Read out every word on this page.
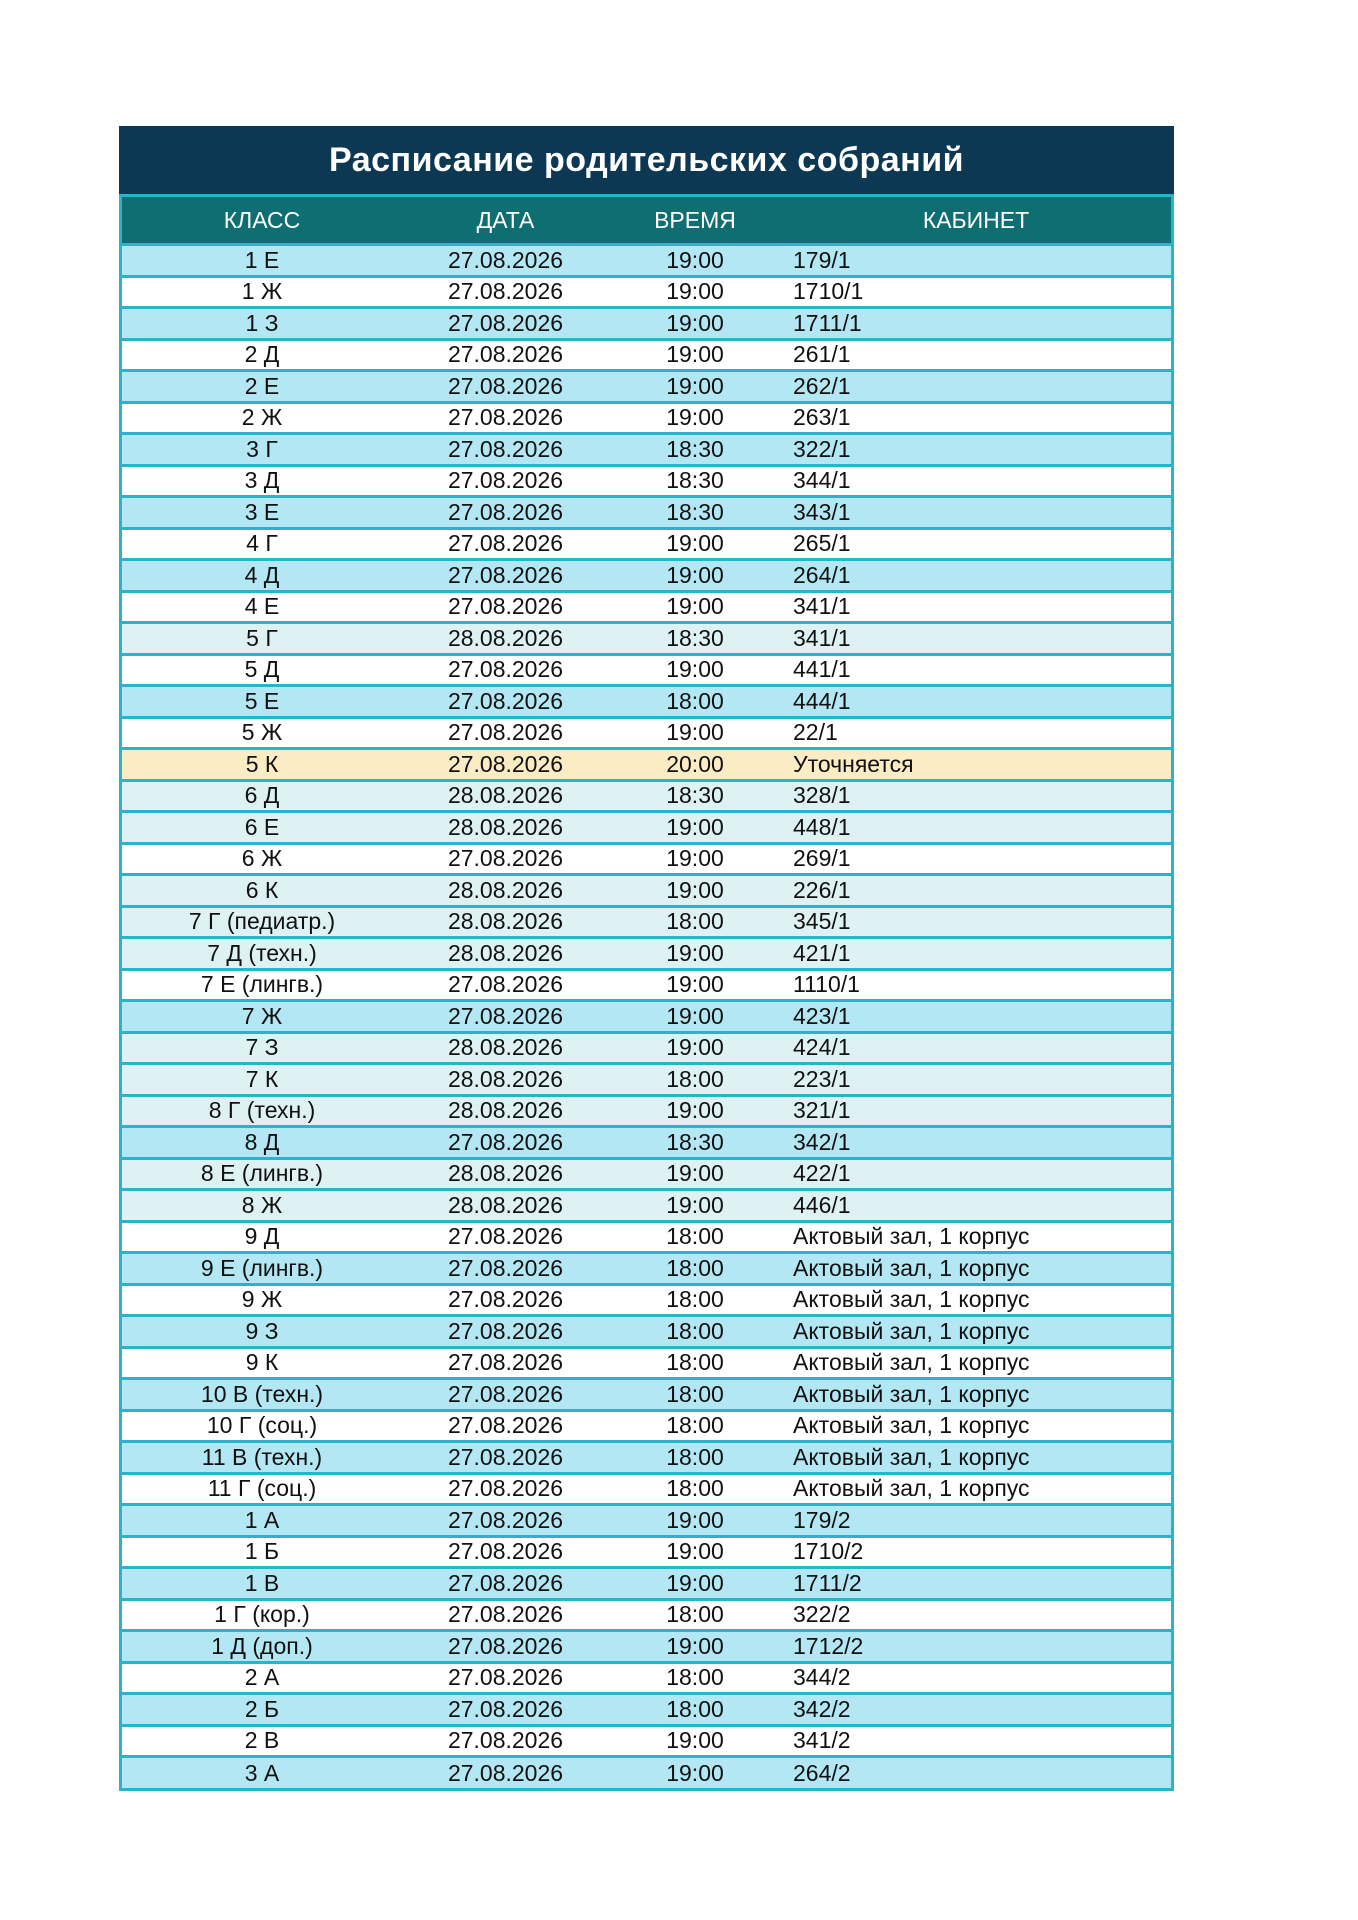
Расписание родительских собраний
КЛАСС	ДАТА	ВРЕМЯ	КАБИНЕТ
1 Е	27.08.2026	19:00	179/1
1 Ж	27.08.2026	19:00	1710/1
1 З	27.08.2026	19:00	1711/1
2 Д	27.08.2026	19:00	261/1
2 Е	27.08.2026	19:00	262/1
2 Ж	27.08.2026	19:00	263/1
3 Г	27.08.2026	18:30	322/1
3 Д	27.08.2026	18:30	344/1
3 Е	27.08.2026	18:30	343/1
4 Г	27.08.2026	19:00	265/1
4 Д	27.08.2026	19:00	264/1
4 Е	27.08.2026	19:00	341/1
5 Г	28.08.2026	18:30	341/1
5 Д	27.08.2026	19:00	441/1
5 Е	27.08.2026	18:00	444/1
5 Ж	27.08.2026	19:00	22/1
5 К	27.08.2026	20:00	Уточняется
6 Д	28.08.2026	18:30	328/1
6 Е	28.08.2026	19:00	448/1
6 Ж	27.08.2026	19:00	269/1
6 К	28.08.2026	19:00	226/1
7 Г (педиатр.)	28.08.2026	18:00	345/1
7 Д (техн.)	28.08.2026	19:00	421/1
7 Е (лингв.)	27.08.2026	19:00	1110/1
7 Ж	27.08.2026	19:00	423/1
7 З	28.08.2026	19:00	424/1
7 К	28.08.2026	18:00	223/1
8 Г (техн.)	28.08.2026	19:00	321/1
8 Д	27.08.2026	18:30	342/1
8 Е (лингв.)	28.08.2026	19:00	422/1
8 Ж	28.08.2026	19:00	446/1
9 Д	27.08.2026	18:00	Актовый зал, 1 корпус
9 Е (лингв.)	27.08.2026	18:00	Актовый зал, 1 корпус
9 Ж	27.08.2026	18:00	Актовый зал, 1 корпус
9 З	27.08.2026	18:00	Актовый зал, 1 корпус
9 К	27.08.2026	18:00	Актовый зал, 1 корпус
10 В (техн.)	27.08.2026	18:00	Актовый зал, 1 корпус
10 Г (соц.)	27.08.2026	18:00	Актовый зал, 1 корпус
11 В (техн.)	27.08.2026	18:00	Актовый зал, 1 корпус
11 Г (соц.)	27.08.2026	18:00	Актовый зал, 1 корпус
1 А	27.08.2026	19:00	179/2
1 Б	27.08.2026	19:00	1710/2
1 В	27.08.2026	19:00	1711/2
1 Г (кор.)	27.08.2026	18:00	322/2
1 Д (доп.)	27.08.2026	19:00	1712/2
2 А	27.08.2026	18:00	344/2
2 Б	27.08.2026	18:00	342/2
2 В	27.08.2026	19:00	341/2
3 А	27.08.2026	19:00	264/2
